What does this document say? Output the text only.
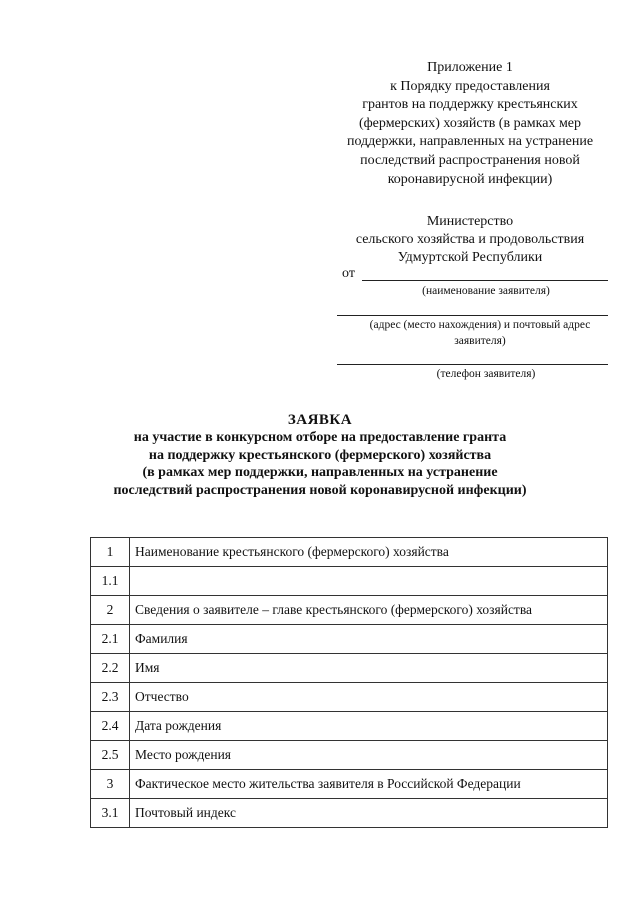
Приложение 1
к Порядку предоставления
грантов на поддержку крестьянских
(фермерских) хозяйств (в рамках мер
поддержки, направленных на устранение
последствий распространения новой
коронавирусной инфекции)
Министерство
сельского хозяйства и продовольствия
Удмуртской Республики
от
(наименование заявителя)
(адрес (место нахождения) и почтовый адрес
заявителя)
(телефон заявителя)
ЗАЯВКА
на участие в конкурсном отборе на предоставление гранта
на поддержку крестьянского (фермерского) хозяйства
(в рамках мер поддержки, направленных на устранение
последствий распространения новой коронавирусной инфекции)
1	Наименование крестьянского (фермерского) хозяйства
1.1	
2	Сведения о заявителе – главе крестьянского (фермерского) хозяйства
2.1	Фамилия
2.2	Имя
2.3	Отчество
2.4	Дата рождения
2.5	Место рождения
3	Фактическое место жительства заявителя в Российской Федерации
3.1	Почтовый индекс
